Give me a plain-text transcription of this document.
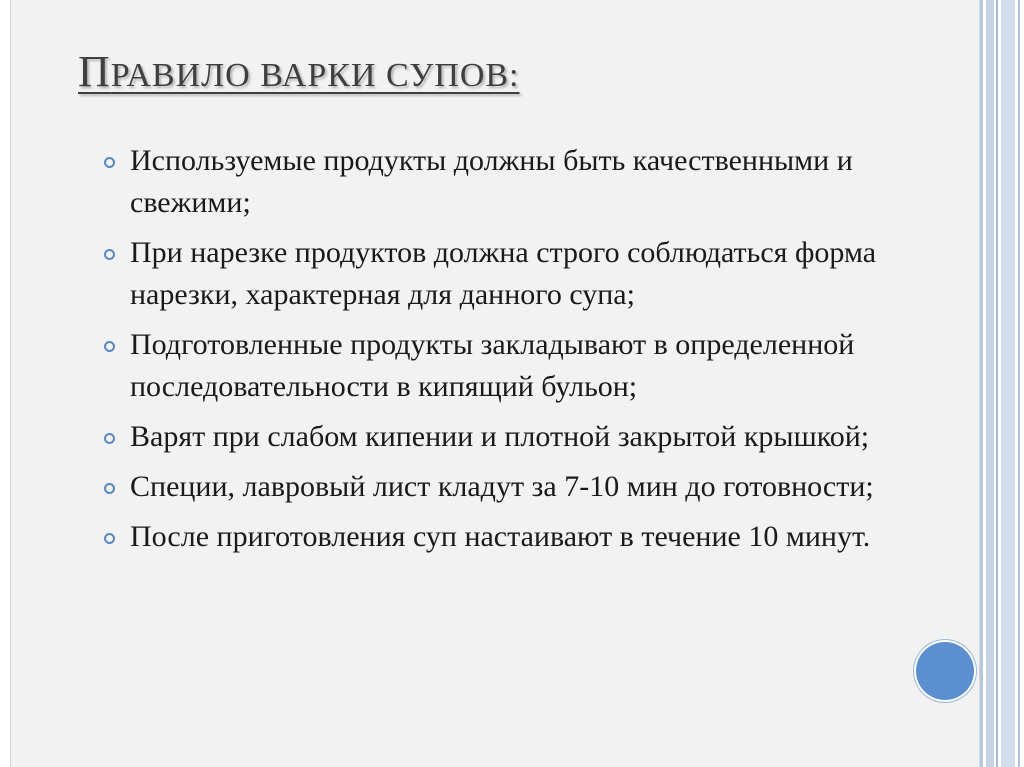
ПРАВИЛО ВАРКИ СУПОВ:
Используемые продукты должны быть качественными и свежими;
При нарезке продуктов должна строго соблюдаться форма нарезки, характерная для данного супа;
Подготовленные продукты закладывают в определенной последовательности в кипящий бульон;
Варят при слабом кипении и плотной закрытой крышкой;
Специи, лавровый лист кладут за 7-10 мин до готовности;
После приготовления суп настаивают в течение 10 минут.
